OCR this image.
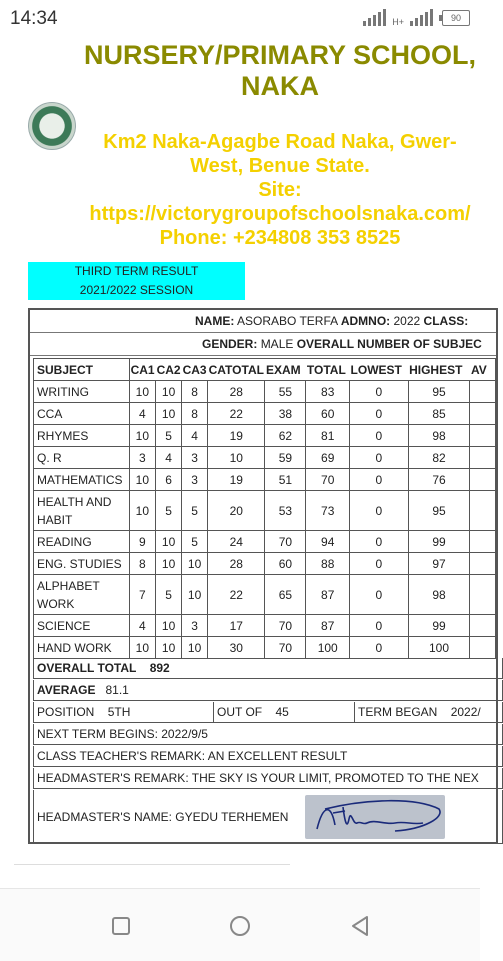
14:34	H+	90
NURSERY/PRIMARY SCHOOL,
NAKA
Km2 Naka-Agagbe Road Naka, Gwer-
West, Benue State.
Site:
https://victorygroupofschoolsnaka.com/
Phone: +234808 353 8525
THIRD TERM RESULT
2021/2022 SESSION
NAME: ASORABO TERFA ADMNO: 2022 CLASS:
GENDER: MALE OVERALL NUMBER OF SUBJEC
SUBJECT	CA1	CA2	CA3	CATOTAL	EXAM	TOTAL	LOWEST	HIGHEST	AV
WRITING	10	10	8	28	55	83	0	95	
CCA	4	10	8	22	38	60	0	85	
RHYMES	10	5	4	19	62	81	0	98	
Q. R	3	4	3	10	59	69	0	82	
MATHEMATICS	10	6	3	19	51	70	0	76	
HEALTH AND HABIT	10	5	5	20	53	73	0	95	
READING	9	10	5	24	70	94	0	99	
ENG. STUDIES	8	10	10	28	60	88	0	97	
ALPHABET WORK	7	5	10	22	65	87	0	98	
SCIENCE	4	10	3	17	70	87	0	99	
HAND WORK	10	10	10	30	70	100	0	100	
OVERALL TOTAL 892
AVERAGE 81.1
POSITION 5TH	OUT OF 45	TERM BEGAN 2022/
NEXT TERM BEGINS: 2022/9/5
CLASS TEACHER'S REMARK: AN EXCELLENT RESULT
HEADMASTER'S REMARK: THE SKY IS YOUR LIMIT, PROMOTED TO THE NEX
HEADMASTER'S NAME: GYEDU TERHEMEN
